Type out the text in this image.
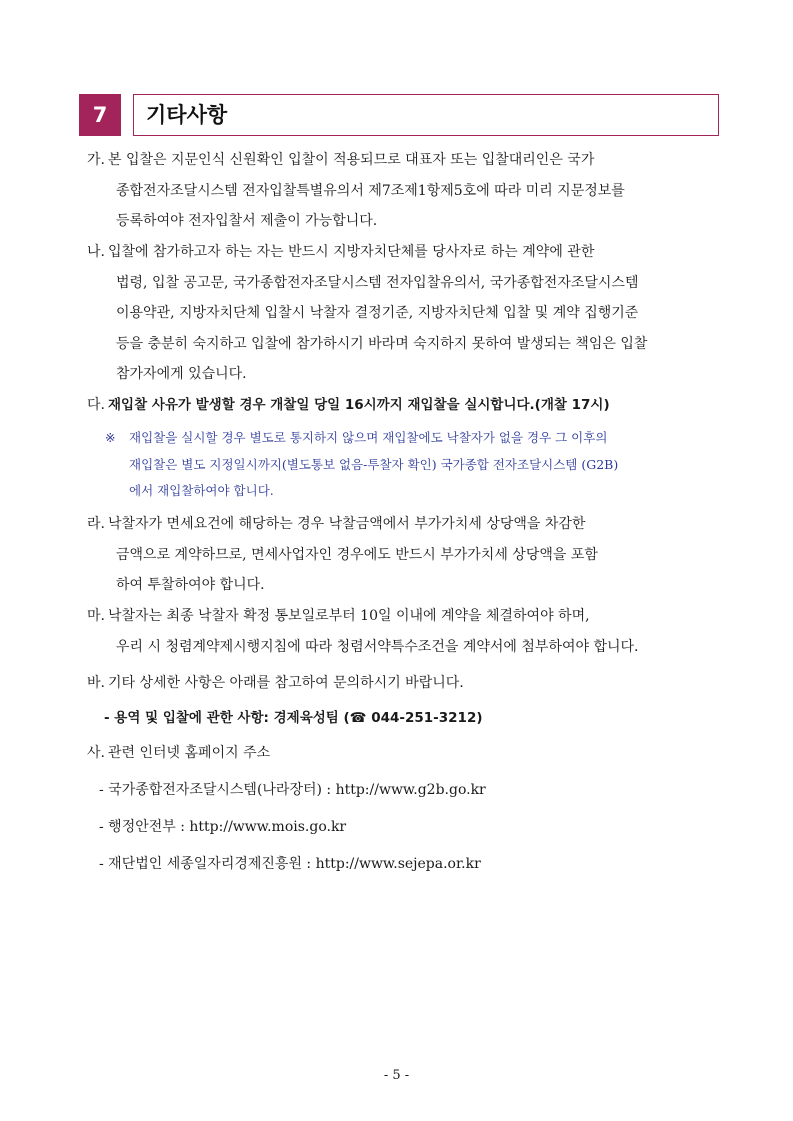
7	기타사항
가. 본 입찰은 지문인식 신원확인 입찰이 적용되므로 대표자 또는 입찰대리인은 국가
종합전자조달시스템 전자입찰특별유의서 제7조제1항제5호에 따라 미리 지문정보를
등록하여야 전자입찰서 제출이 가능합니다.
나. 입찰에 참가하고자 하는 자는 반드시 지방자치단체를 당사자로 하는 계약에 관한
법령, 입찰 공고문, 국가종합전자조달시스템 전자입찰유의서, 국가종합전자조달시스템
이용약관, 지방자치단체 입찰시 낙찰자 결정기준, 지방자치단체 입찰 및 계약 집행기준
등을 충분히 숙지하고 입찰에 참가하시기 바라며 숙지하지 못하여 발생되는 책임은 입찰
참가자에게 있습니다.
다. 재입찰 사유가 발생할 경우 개찰일 당일 16시까지 재입찰을 실시합니다.(개찰 17시)
※	재입찰을 실시할 경우 별도로 통지하지 않으며 재입찰에도 낙찰자가 없을 경우 그 이후의
재입찰은 별도 지정일시까지(별도통보 없음-투찰자 확인) 국가종합 전자조달시스템 (G2B)
에서 재입찰하여야 합니다.
라. 낙찰자가 면세요건에 해당하는 경우 낙찰금액에서 부가가치세 상당액을 차감한
금액으로 계약하므로, 면세사업자인 경우에도 반드시 부가가치세 상당액을 포함
하여 투찰하여야 합니다.
마. 낙찰자는 최종 낙찰자 확정 통보일로부터 10일 이내에 계약을 체결하여야 하며,
우리 시 청렴계약제시행지침에 따라 청렴서약특수조건을 계약서에 첨부하여야 합니다.
바. 기타 상세한 사항은 아래를 참고하여 문의하시기 바랍니다.
- 용역 및 입찰에 관한 사항: 경제육성팀 (☎ 044-251-3212)
사. 관련 인터넷 홈페이지 주소
- 국가종합전자조달시스템(나라장터) : http://www.g2b.go.kr
- 행정안전부 : http://www.mois.go.kr
- 재단법인 세종일자리경제진흥원 : http://www.sejepa.or.kr
- 5 -
